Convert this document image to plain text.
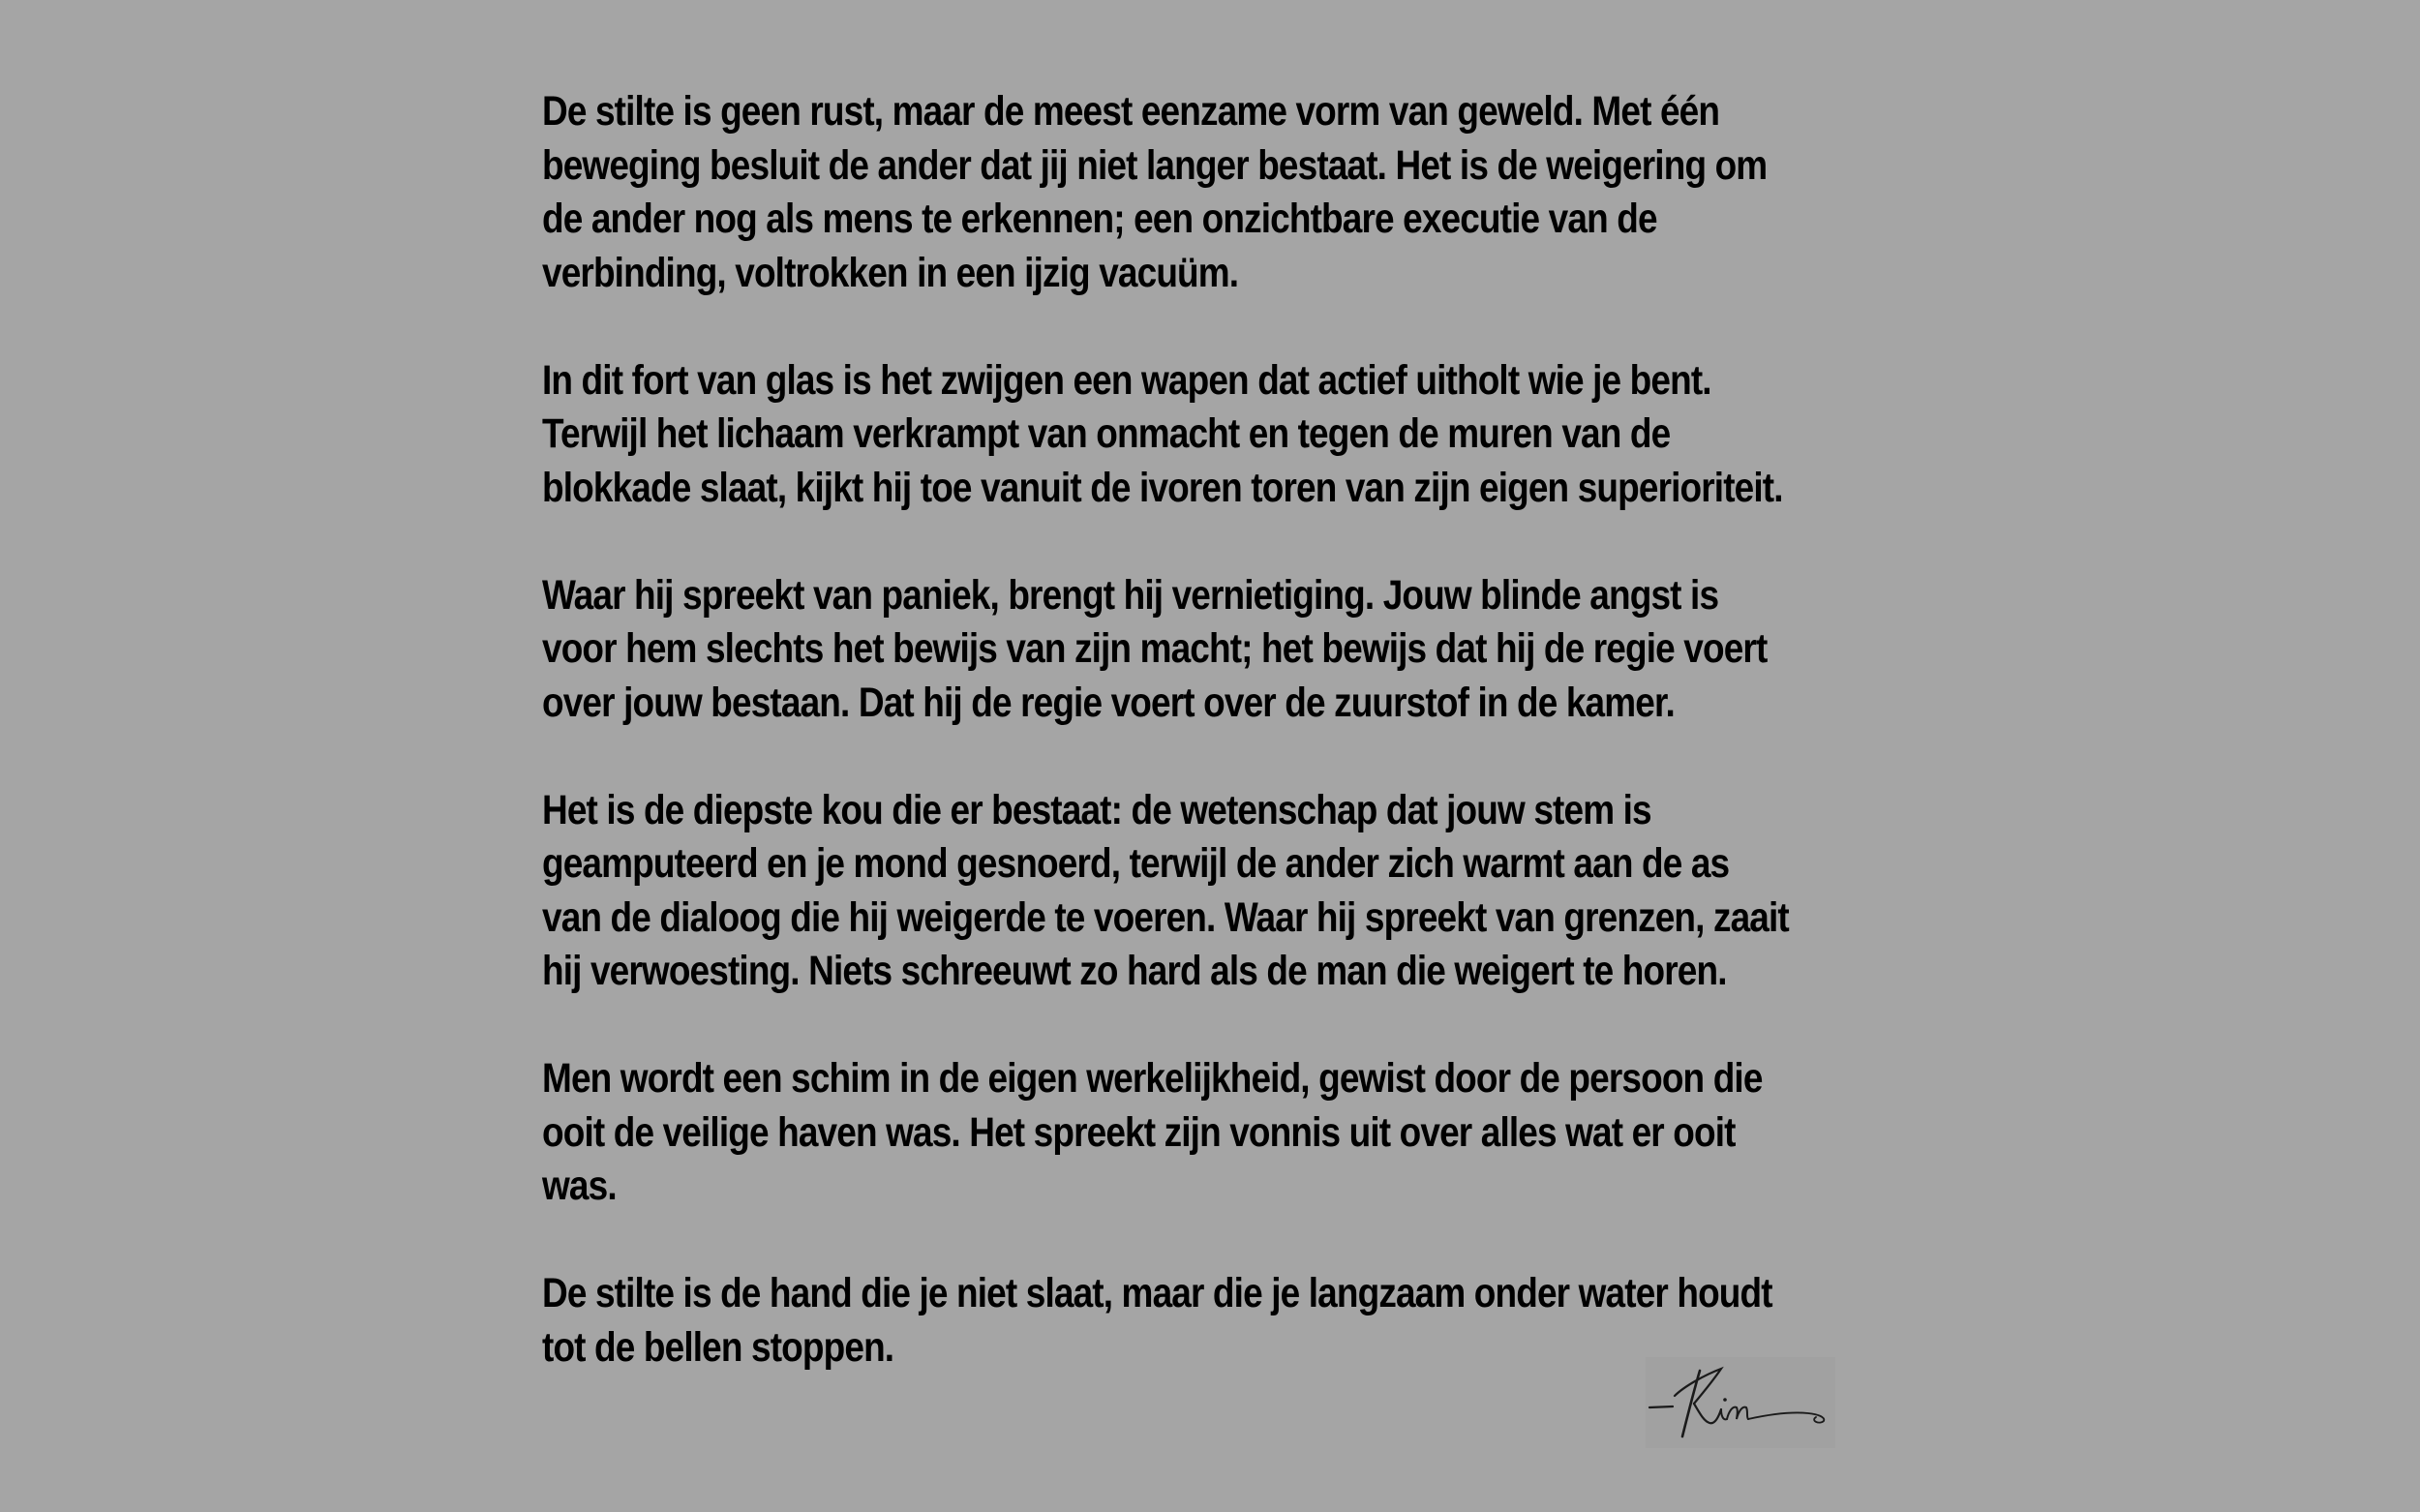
De stilte is geen rust, maar de meest eenzame vorm van geweld. Met één
beweging besluit de ander dat jij niet langer bestaat. Het is de weigering om
de ander nog als mens te erkennen; een onzichtbare executie van de
verbinding, voltrokken in een ijzig vacuüm.

In dit fort van glas is het zwijgen een wapen dat actief uitholt wie je bent.
Terwijl het lichaam verkrampt van onmacht en tegen de muren van de
blokkade slaat, kijkt hij toe vanuit de ivoren toren van zijn eigen superioriteit.

Waar hij spreekt van paniek, brengt hij vernietiging. Jouw blinde angst is
voor hem slechts het bewijs van zijn macht; het bewijs dat hij de regie voert
over jouw bestaan. Dat hij de regie voert over de zuurstof in de kamer.

Het is de diepste kou die er bestaat: de wetenschap dat jouw stem is
geamputeerd en je mond gesnoerd, terwijl de ander zich warmt aan de as
van de dialoog die hij weigerde te voeren. Waar hij spreekt van grenzen, zaait
hij verwoesting. Niets schreeuwt zo hard als de man die weigert te horen.

Men wordt een schim in de eigen werkelijkheid, gewist door de persoon die
ooit de veilige haven was. Het spreekt zijn vonnis uit over alles wat er ooit
was.

De stilte is de hand die je niet slaat, maar die je langzaam onder water houdt
tot de bellen stoppen.
